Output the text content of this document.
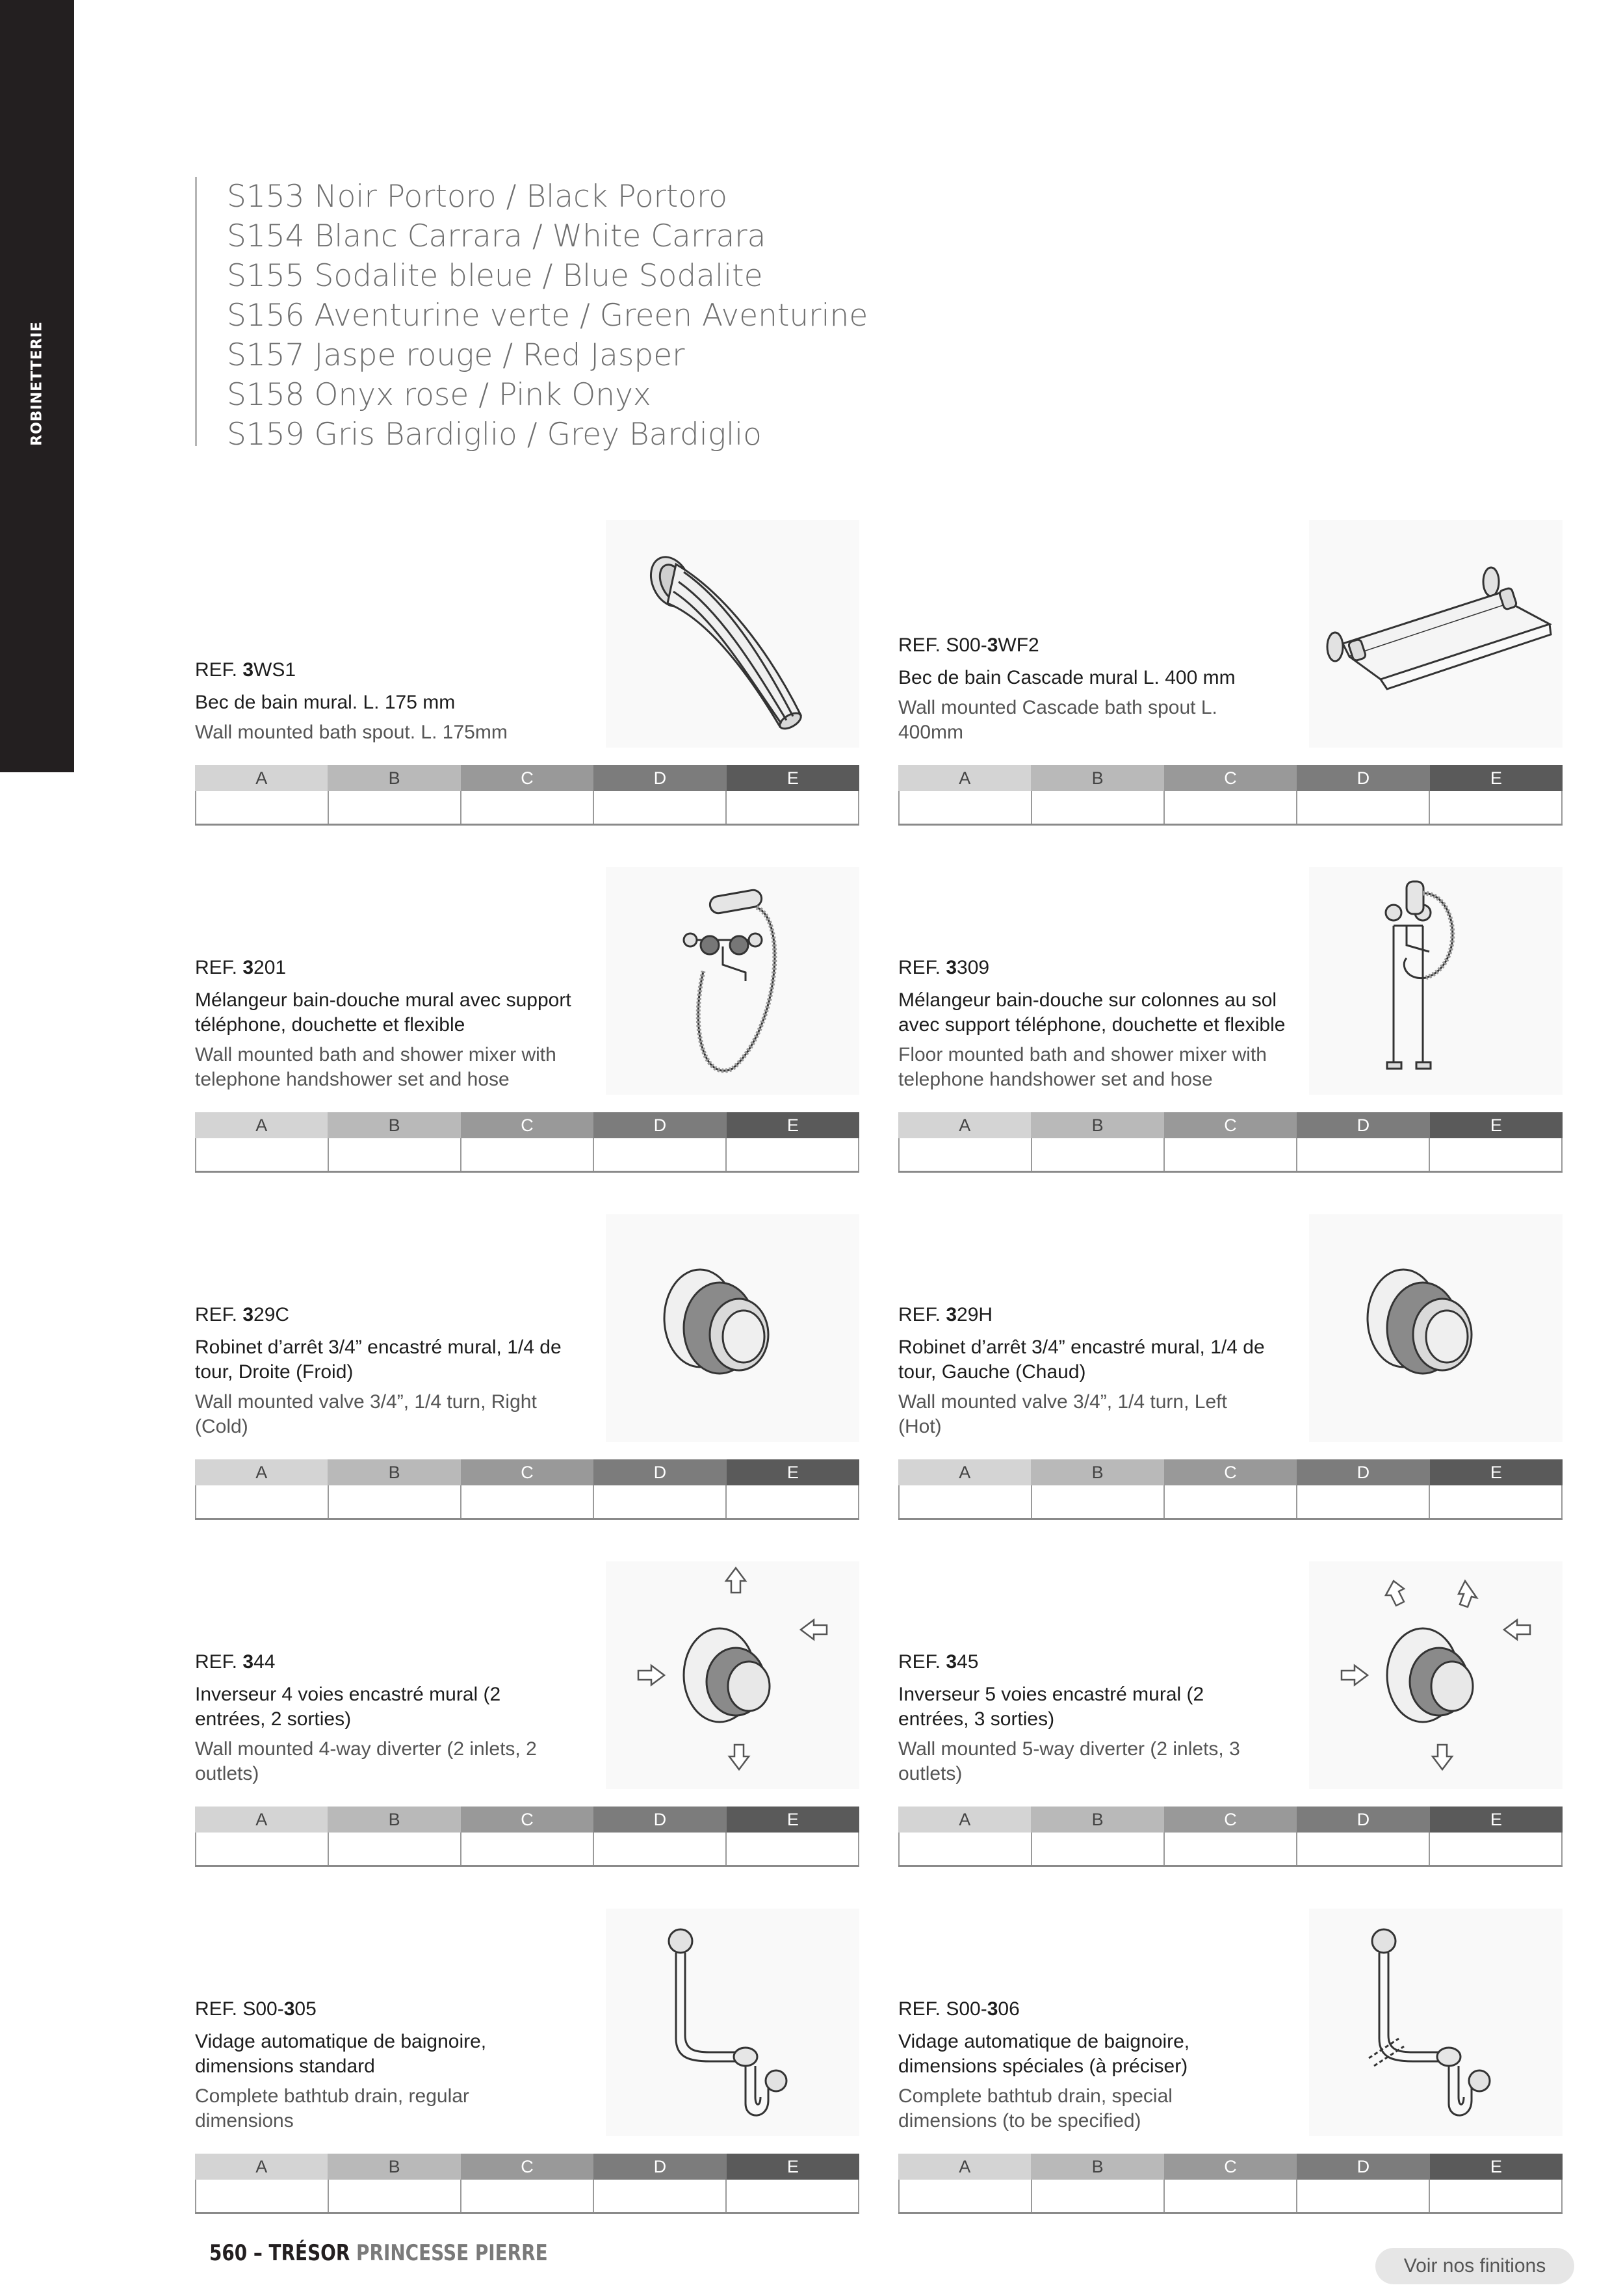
ROBINETTERIE
S153 Noir Portoro / Black Portoro
S154 Blanc Carrara / White Carrara
S155 Sodalite bleue / Blue Sodalite
S156 Aventurine verte / Green Aventurine
S157 Jaspe rouge / Red Jasper
S158 Onyx rose / Pink Onyx
S159 Gris Bardiglio / Grey Bardiglio
REF. 3WS1
Bec de bain mural. L. 175 mm
Wall mounted bath spout. L. 175mm
A	B	C	D	E
REF. S00-3WF2
Bec de bain Cascade mural L. 400 mm
Wall mounted Cascade bath spout L. 400mm
A	B	C	D	E
REF. 3201
Mélangeur bain-douche mural avec support téléphone, douchette et flexible
Wall mounted bath and shower mixer with telephone handshower set and hose
A	B	C	D	E
REF. 3309
Mélangeur bain-douche sur colonnes au sol avec support téléphone, douchette et flexible
Floor mounted bath and shower mixer with telephone handshower set and hose
A	B	C	D	E
REF. 329C
Robinet d’arrêt 3/4” encastré mural, 1/4 de tour, Droite (Froid)
Wall mounted valve 3/4”, 1/4 turn, Right (Cold)
A	B	C	D	E
REF. 329H
Robinet d’arrêt 3/4” encastré mural, 1/4 de tour, Gauche (Chaud)
Wall mounted valve 3/4”, 1/4 turn, Left (Hot)
A	B	C	D	E
REF. 344
Inverseur 4 voies encastré mural (2 entrées, 2 sorties)
Wall mounted 4-way diverter (2 inlets, 2 outlets)
A	B	C	D	E
REF. 345
Inverseur 5 voies encastré mural (2 entrées, 3 sorties)
Wall mounted 5-way diverter (2 inlets, 3 outlets)
A	B	C	D	E
REF. S00-305
Vidage automatique de baignoire, dimensions standard
Complete bathtub drain, regular dimensions
A	B	C	D	E
REF. S00-306
Vidage automatique de baignoire, dimensions spéciales (à préciser)
Complete bathtub drain, special dimensions (to be specified)
A	B	C	D	E
560 – TRÉSOR PRINCESSE PIERRE	Voir nos finitions
